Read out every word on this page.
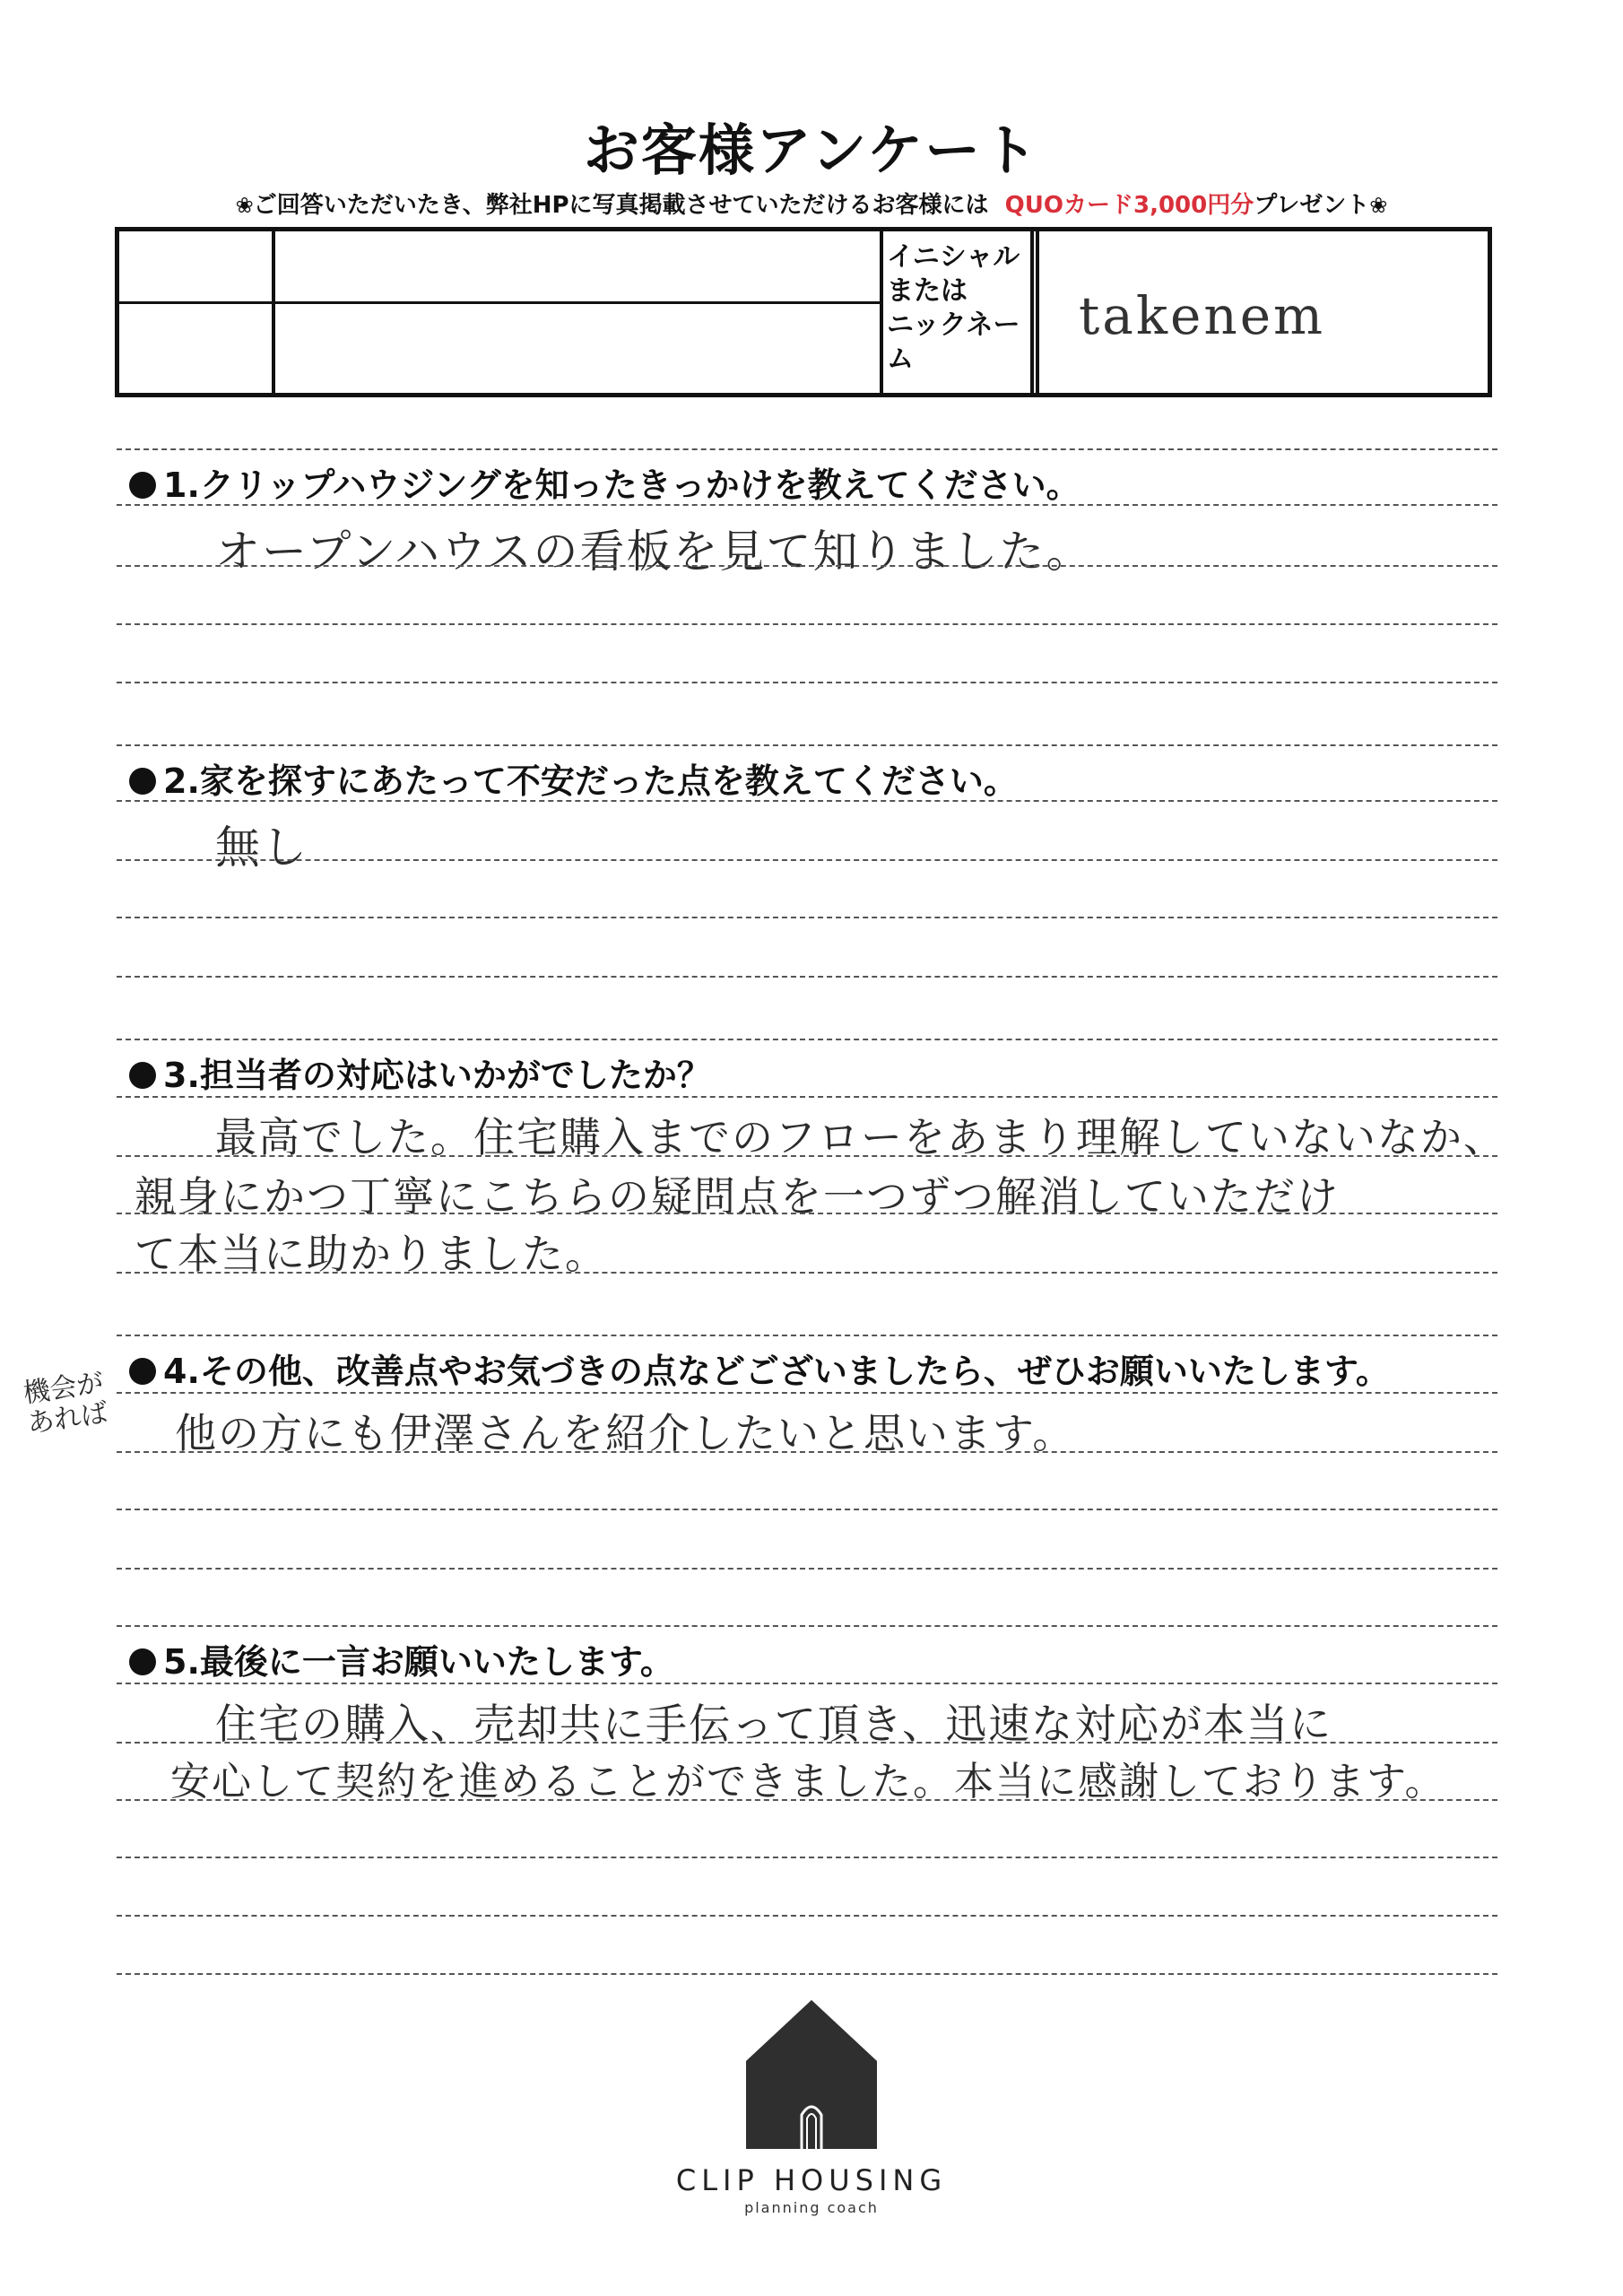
お客様アンケート
❀ご回答いただいたき、弊社HPに写真掲載させていただけるお客様には QUOカード3,000円分プレゼント❀
イニシャル
または
ニックネー
ム
takenem
1.クリップハウジングを知ったきっかけを教えてください。
オープンハウスの看板を見て知りました。
2.家を探すにあたって不安だった点を教えてください。
無し
3.担当者の対応はいかがでしたか？
最高でした。住宅購入までのフローをあまり理解していないなか、
親身にかつ丁寧にこちらの疑問点を一つずつ解消していただけ
て本当に助かりました。
4.その他、改善点やお気づきの点などございましたら、ぜひお願いいたします。
機会があれば	他の方にも伊澤さんを紹介したいと思います。
5.最後に一言お願いいたします。
住宅の購入、売却共に手伝って頂き、迅速な対応が本当に
安心して契約を進めることができました。本当に感謝しております。
CLIP HOUSING
planning coach
